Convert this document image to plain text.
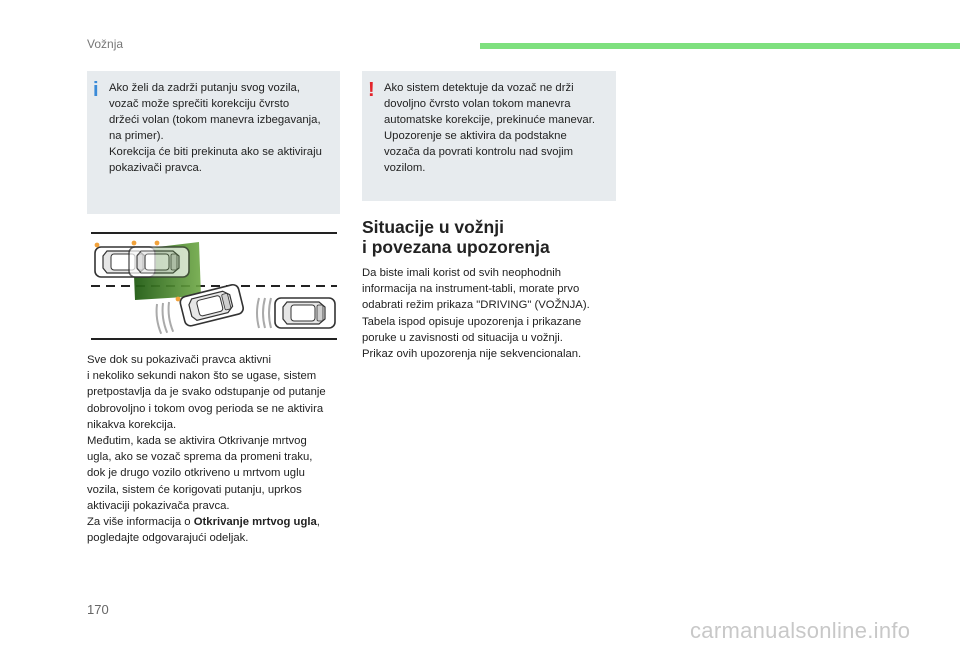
Vožnja
i Ako želi da zadrži putanju svog vozila,

vozač može sprečiti korekciju čvrsto

držeći volan (tokom manevra izbegavanja,

na primer).

Korekcija će biti prekinuta ako se aktiviraju

pokazivači pravca.

! Ako sistem detektuje da vozač ne drži

dovoljno čvrsto volan tokom manevra

automatske korekcije, prekinuće manevar.

Upozorenje se aktivira da podstakne

vozača da povrati kontrolu nad svojim

vozilom.

Sve dok su pokazivači pravca aktivni

i nekoliko sekundi nakon što se ugase, sistem

pretpostavlja da je svako odstupanje od putanje

dobrovoljno i tokom ovog perioda se ne aktivira

nikakva korekcija.

Međutim, kada se aktivira Otkrivanje mrtvog

ugla, ako se vozač sprema da promeni traku,

dok je drugo vozilo otkriveno u mrtvom uglu

vozila, sistem će korigovati putanju, uprkos

aktivaciji pokazivača pravca.

Za više informacija o Otkrivanje mrtvog ugla,

pogledajte odgovarajući odeljak.

Situacije u vožnji
i povezana upozorenja

Da biste imali korist od svih neophodnih

informacija na instrument-tabli, morate prvo

odabrati režim prikaza "DRIVING" (VOŽNJA).

Tabela ispod opisuje upozorenja i prikazane

poruke u zavisnosti od situacija u vožnji.

Prikaz ovih upozorenja nije sekvencionalan.

170
carmanualsonline.info
